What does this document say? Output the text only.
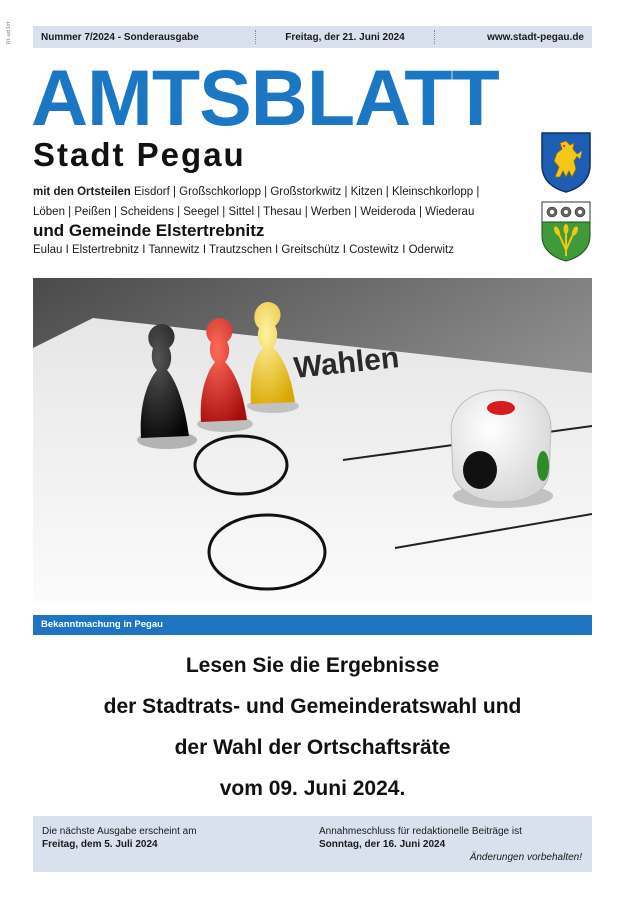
Rt.-ad 1/rt	Nummer 7/2024 - Sonderausgabe	Freitag, der 21. Juni 2024	www.stadt-pegau.de
AMTSBLATT
Stadt Pegau
mit den Ortsteilen Eisdorf | Großschkorlopp | Großstorkwitz | Kitzen | Kleinschkorlopp |
Löben | Peißen | Scheidens | Seegel | Sittel | Thesau | Werben | Weideroda | Wiederau
und Gemeinde Elstertrebnitz
Eulau I Elstertrebnitz I Tannewitz I Trautzschen I Greitschütz I Costewitz I Oderwitz
Wahlen
Bekanntmachung in Pegau
Lesen Sie die Ergebnisse
der Stadtrats- und Gemeinderatswahl und
der Wahl der Ortschaftsräte
vom 09. Juni 2024.
Die nächste Ausgabe erscheint am
Freitag, dem 5. Juli 2024
Annahmeschluss für redaktionelle Beiträge ist
Sonntag, der 16. Juni 2024
Änderungen vorbehalten!
